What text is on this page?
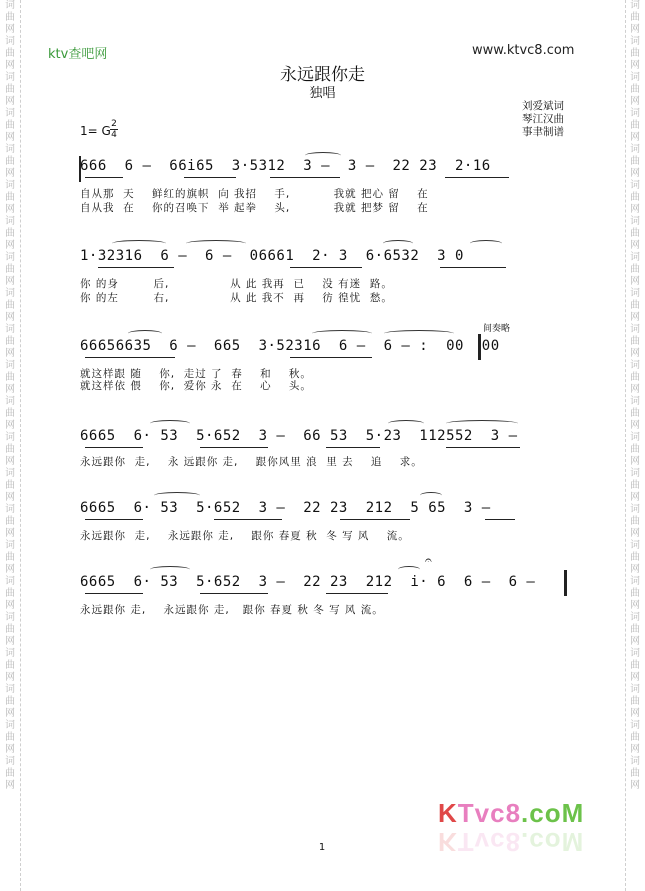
词曲网词曲网词曲网词曲网词曲网词曲网词曲网词曲网词曲网词曲网词曲网词曲网词曲网词曲网词曲网词曲网词曲网词曲网词曲网词曲网词曲网词曲网
词曲网词曲网词曲网词曲网词曲网词曲网词曲网词曲网词曲网词曲网词曲网词曲网词曲网词曲网词曲网词曲网词曲网词曲网词曲网词曲网词曲网词曲网
ktv查吧网	www.ktvc8.com
永远跟你走
独唱
刘爱斌词
琴江汉曲
事聿制谱
1= G 2
4
666  6 —  66i65  3·5312  3 —  3 —  22 23  2·16
自从那  天    鲜红的旗帜  向 我招    手,          我就 把心 留    在
自从我  在    你的召唤下  举 起拳    头,          我就 把梦 留    在
1·32316  6 —  6 —  06661  2· 3  6·6532  3 0
你 的身        后,              从 此 我再  已    没 有迷  路。
你 的左        右,              从 此 我不  再    彷 徨忧  愁。
间奏略
66656635  6 —  665  3·52316  6 —  6 — :  00  00
就这样跟 随    你,  走过 了  春    和    秋。
就这样依 偎    你,  爱你 永  在    心    头。
6665  6· 53  5·652  3 —  66 53  5·23  112552  3 —
永远跟你  走,    永 远跟你 走,    跟你风里 浪  里 去    追    求。
6665  6· 53  5·652  3 —  22 23  212  5 65  3 —
永远跟你  走,    永远跟你 走,    跟你 春夏 秋  冬 写 风    流。
𝄐
6665  6· 53  5·652  3 —  22 23  212  i· 6  6 —  6 —
永远跟你 走,    永远跟你 走,   跟你 春夏 秋 冬 写 风 流。
KTvc8.coM
KTvc8.coM
1
